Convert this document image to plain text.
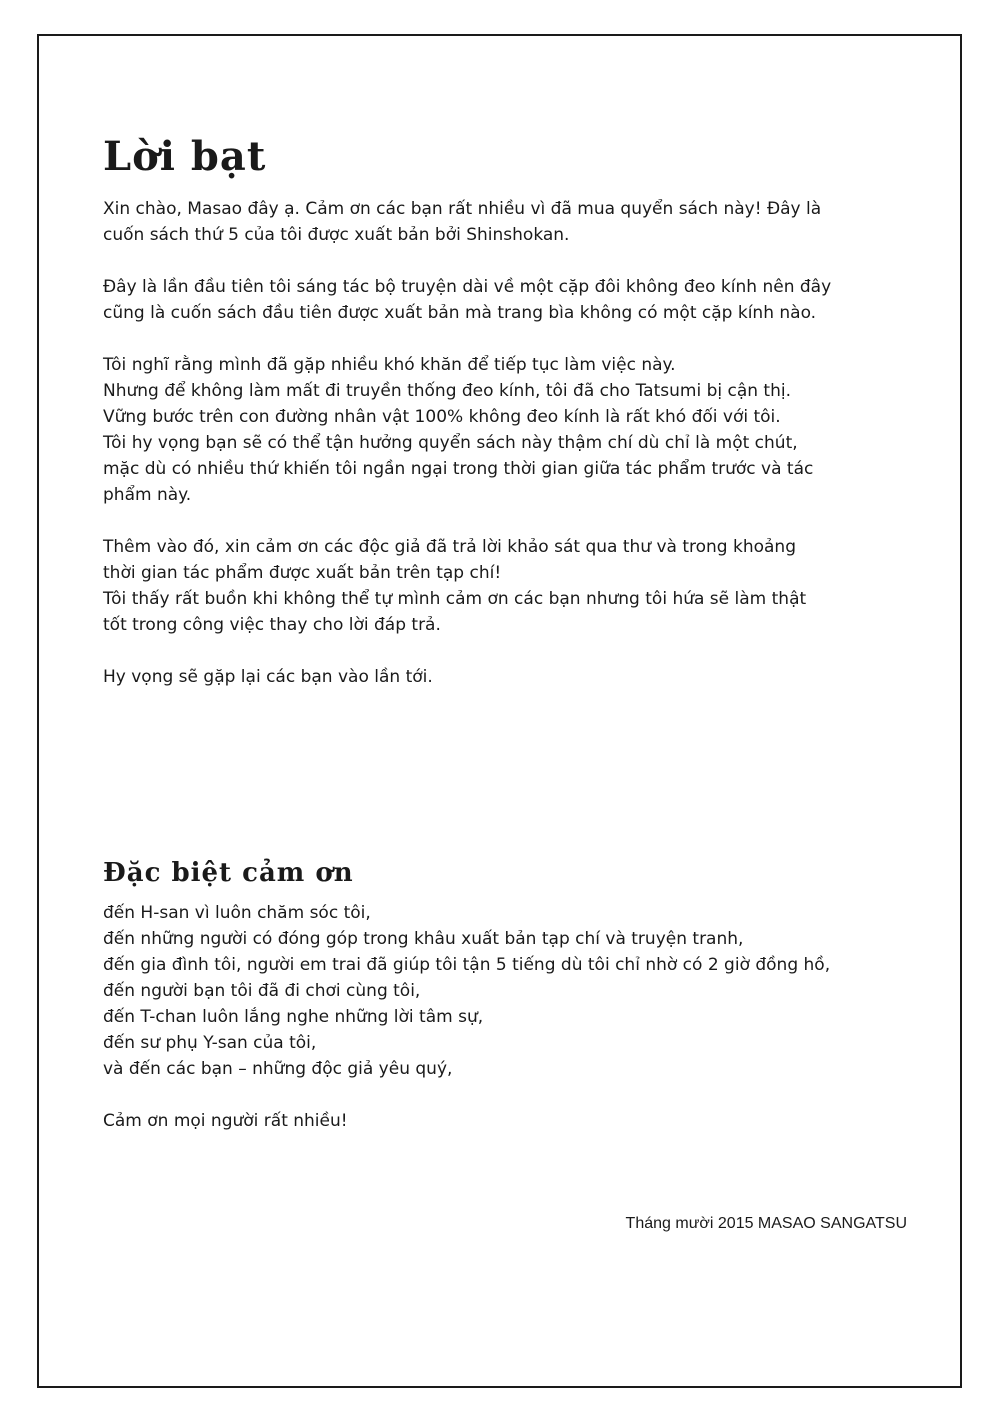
Lời bạt

Xin chào, Masao đây ạ. Cảm ơn các bạn rất nhiều vì đã mua quyển sách này! Đây là
cuốn sách thứ 5 của tôi được xuất bản bởi Shinshokan.

Đây là lần đầu tiên tôi sáng tác bộ truyện dài về một cặp đôi không đeo kính nên đây
cũng là cuốn sách đầu tiên được xuất bản mà trang bìa không có một cặp kính nào.

Tôi nghĩ rằng mình đã gặp nhiều khó khăn để tiếp tục làm việc này.
Nhưng để không làm mất đi truyền thống đeo kính, tôi đã cho Tatsumi bị cận thị.
Vững bước trên con đường nhân vật 100% không đeo kính là rất khó đối với tôi.
Tôi hy vọng bạn sẽ có thể tận hưởng quyển sách này thậm chí dù chỉ là một chút,
mặc dù có nhiều thứ khiến tôi ngần ngại trong thời gian giữa tác phẩm trước và tác
phẩm này.

Thêm vào đó, xin cảm ơn các độc giả đã trả lời khảo sát qua thư và trong khoảng
thời gian tác phẩm được xuất bản trên tạp chí!
Tôi thấy rất buồn khi không thể tự mình cảm ơn các bạn nhưng tôi hứa sẽ làm thật
tốt trong công việc thay cho lời đáp trả.

Hy vọng sẽ gặp lại các bạn vào lần tới.

Đặc biệt cảm ơn

đến H-san vì luôn chăm sóc tôi,
đến những người có đóng góp trong khâu xuất bản tạp chí và truyện tranh,
đến gia đình tôi, người em trai đã giúp tôi tận 5 tiếng dù tôi chỉ nhờ có 2 giờ đồng hồ,
đến người bạn tôi đã đi chơi cùng tôi,
đến T-chan luôn lắng nghe những lời tâm sự,
đến sư phụ Y-san của tôi,
và đến các bạn – những độc giả yêu quý,

Cảm ơn mọi người rất nhiều!

Tháng mười 2015 MASAO SANGATSU
